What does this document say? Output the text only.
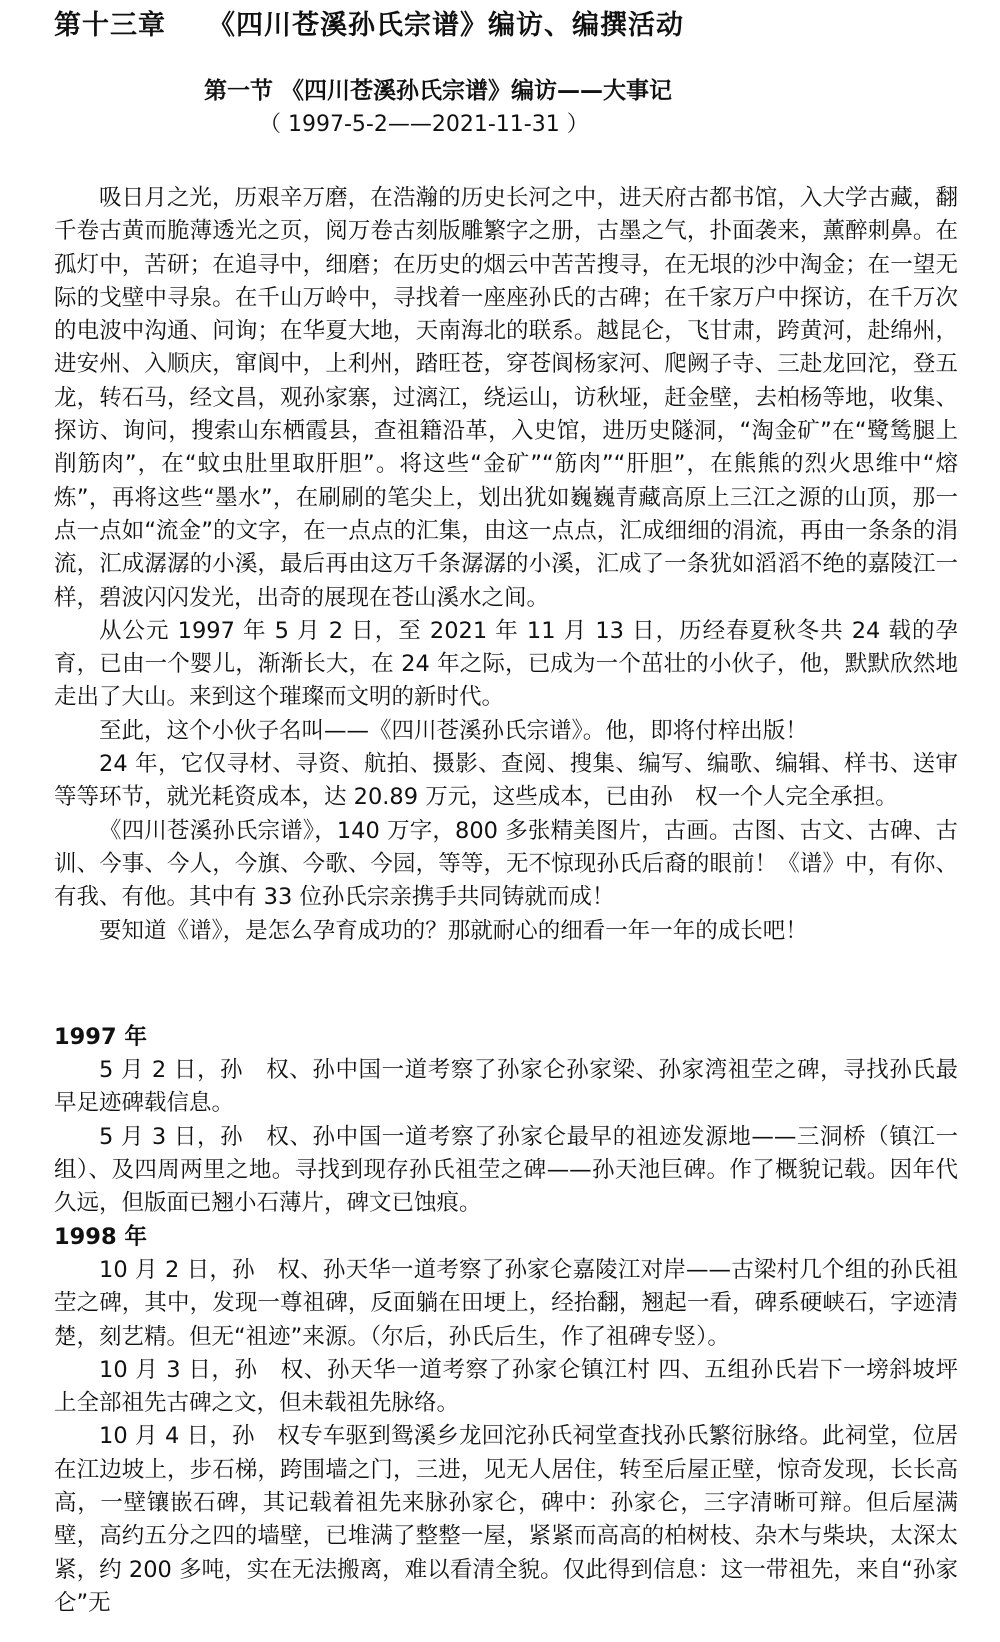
第十三章 《四川苍溪孙氏宗谱》编访、编撰活动
第一节 《四川苍溪孙氏宗谱》编访——大事记
（ 1997-5-2——2021-11-31 ）

吸日月之光，历艰辛万磨，在浩瀚的历史长河之中，进天府古都书馆，入大学古藏，翻千卷古黄而脆薄透光之页，阅万卷古刻版雕繁字之册，古墨之气，扑面袭来，薰醉刺鼻。在孤灯中，苦研；在追寻中，细磨；在历史的烟云中苦苦搜寻，在无垠的沙中淘金；在一望无际的戈壁中寻泉。在千山万岭中，寻找着一座座孙氏的古碑；在千家万户中探访，在千万次的电波中沟通、问询；在华夏大地，天南海北的联系。越昆仑，飞甘肃，跨黄河，赴绵州，进安州、入顺庆，窜阆中，上利州，踏旺苍，穿苍阆杨家河、爬阙子寺、三赴龙回沱，登五龙，转石马，经文昌，观孙家寨，过漓江，绕运山，访秋垭，赶金壁，去柏杨等地，收集、探访、询问，搜索山东栖霞县，查祖籍沿革，入史馆，进历史隧洞，“淘金矿”在“鹭鸶腿上削筋肉”，在“蚊虫肚里取肝胆”。将这些“金矿”“筋肉”“肝胆”，在熊熊的烈火思维中“熔炼”，再将这些“墨水”，在刷刷的笔尖上，划出犹如巍巍青藏高原上三江之源的山顶，那一点一点如“流金”的文字，在一点点的汇集，由这一点点，汇成细细的涓流，再由一条条的涓流，汇成潺潺的小溪，最后再由这万千条潺潺的小溪，汇成了一条犹如滔滔不绝的嘉陵江一样，碧波闪闪发光，出奇的展现在苍山溪水之间。

从公元 1997 年 5 月 2 日，至 2021 年 11 月 13 日，历经春夏秋冬共 24 载的孕育，已由一个婴儿，渐渐长大，在 24 年之际，已成为一个茁壮的小伙子，他，默默欣然地走出了大山。来到这个璀璨而文明的新时代。

至此，这个小伙子名叫——《四川苍溪孙氏宗谱》。他，即将付梓出版！

24 年，它仅寻材、寻资、航拍、摄影、查阅、搜集、编写、编歌、编辑、样书、送审等等环节，就光耗资成本，达 20.89 万元，这些成本，已由孙　权一个人完全承担。

《四川苍溪孙氏宗谱》，140 万字，800 多张精美图片，古画。古图、古文、古碑、古训、今事、今人，今旗、今歌、今园，等等，无不惊现孙氏后裔的眼前！《谱》中，有你、有我、有他。其中有 33 位孙氏宗亲携手共同铸就而成！

要知道《谱》，是怎么孕育成功的？那就耐心的细看一年一年的成长吧！

1997 年

5 月 2 日，孙　权、孙中国一道考察了孙家仑孙家梁、孙家湾祖茔之碑，寻找孙氏最早足迹碑载信息。

5 月 3 日，孙　权、孙中国一道考察了孙家仑最早的祖迹发源地——三洞桥（镇江一组）、及四周两里之地。寻找到现存孙氏祖茔之碑——孙天池巨碑。作了概貌记载。因年代久远，但版面已翘小石薄片，碑文已蚀痕。

1998 年

10 月 2 日，孙　权、孙天华一道考察了孙家仑嘉陵江对岸——古梁村几个组的孙氏祖茔之碑，其中，发现一尊祖碑，反面躺在田埂上，经抬翻，翘起一看，碑系硬峡石，字迹清楚，刻艺精。但无“祖迹”来源。（尔后，孙氏后生，作了祖碑专竖）。

10 月 3 日，孙　权、孙天华一道考察了孙家仑镇江村 四、五组孙氏岩下一塝斜坡坪上全部祖先古碑之文，但未载祖先脉络。

10 月 4 日，孙　权专车驱到鸳溪乡龙回沱孙氏祠堂查找孙氏繁衍脉络。此祠堂，位居在江边坡上，步石梯，跨围墙之门，三进，见无人居住，转至后屋正壁，惊奇发现，长长高高，一壁镶嵌石碑，其记载着祖先来脉孙家仑，碑中：孙家仑，三字清晰可辩。但后屋满壁，高约五分之四的墙壁，已堆满了整整一屋，紧紧而高高的柏树枝、杂木与柴块，太深太紧，约 200 多吨，实在无法搬离，难以看清全貌。仅此得到信息：这一带祖先，来自“孙家仑”无
